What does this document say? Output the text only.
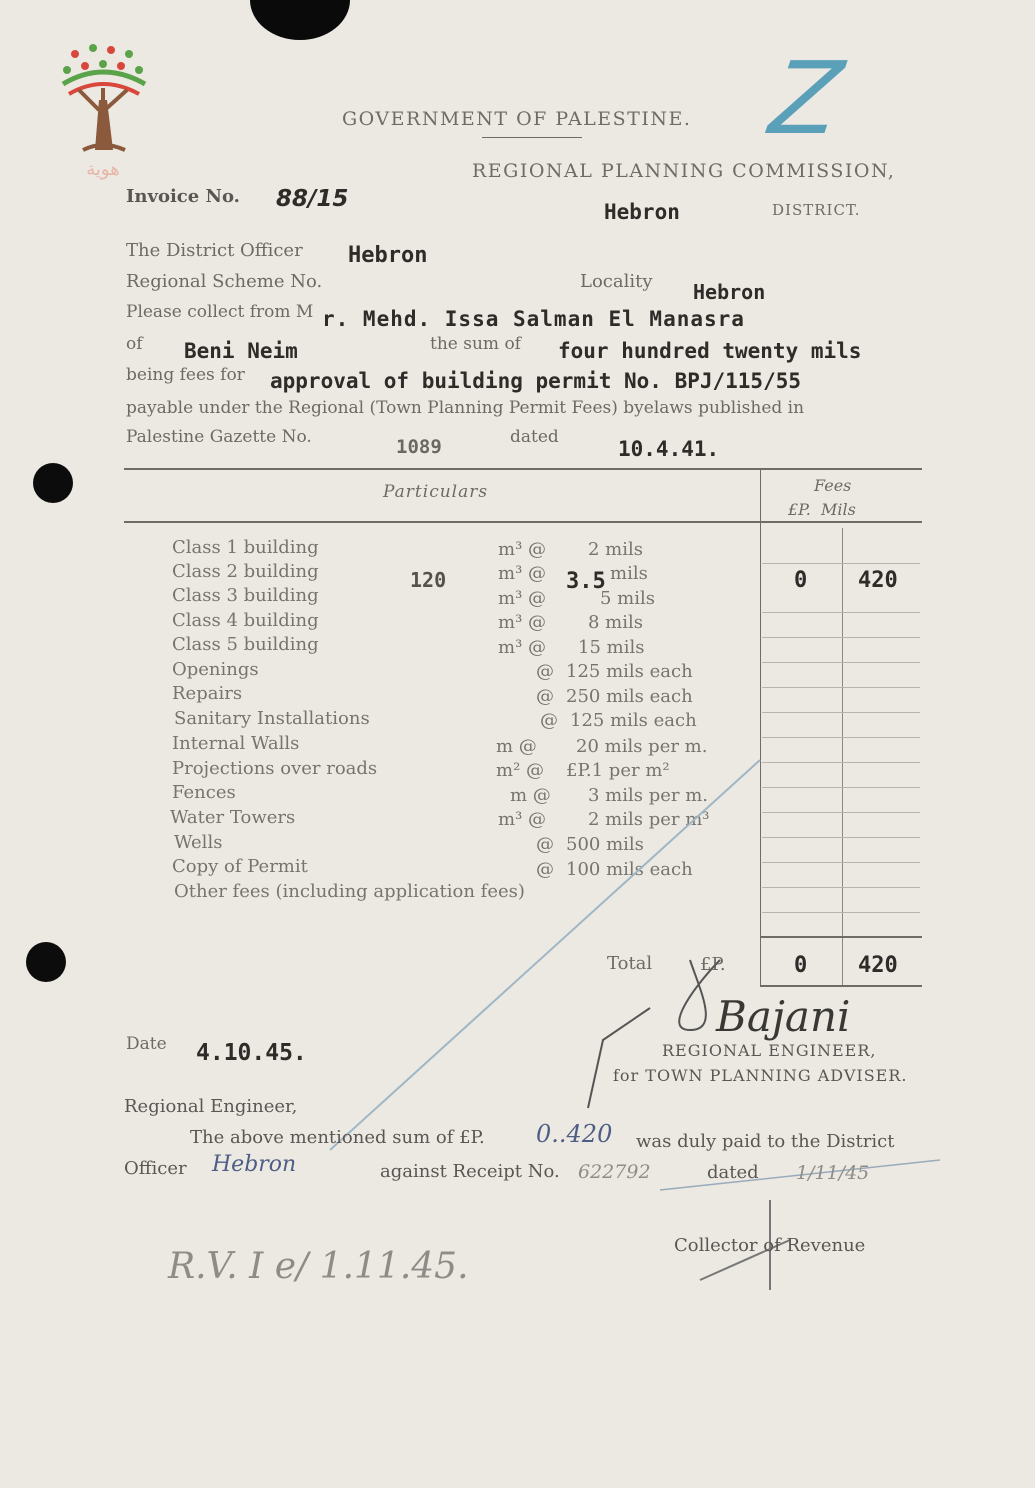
هوية
GOVERNMENT OF PALESTINE. Z
REGIONAL PLANNING COMMISSION,
Invoice No. 88/15	Hebron	DISTRICT.
The District Officer Hebron
Regional Scheme No.	Locality Hebron
Please collect from M r. Mehd. Issa Salman El Manasra
of Beni Neim	the sum of four hundred twenty mils
being fees for approval of building permit No. BPJ/115/55
payable under the Regional (Town Planning Permit Fees) byelaws published in
Palestine Gazette No.	1089	dated	10.4.41.
Particulars	Fees
£P.  Mils
Class 1 building	m³ @ 2 mils
Class 2 building	120	m³ @ 3.5 mils	0 420
Class 3 building	m³ @	5 mils
Class 4 building	m³ @ 8 mils
Class 5 building	m³ @ 15 mils
Openings	@ 125 mils each
Repairs	@ 250 mils each
Sanitary Installations	@ 125 mils each
Internal Walls	m @ 20 mils per m.
Projections over roads	m² @ £P.1 per m²
Fences	m @ 3 mils per m.
Water Towers	m³ @ 2 mils per m³
Wells	@ 500 mils
Copy of Permit	@ 100 mils each
Other fees (including application fees)
Total	£P.	0 420
Date 4.10.45.
Bajani
REGIONAL ENGINEER,
for TOWN PLANNING ADVISER.
Regional Engineer,
The above mentioned sum of £P. 0..420 was duly paid to the District
Officer Hebron	against Receipt No. 622792	dated 1/11/45
Collector of Revenue
R.V. I e/ 1.11.45.
